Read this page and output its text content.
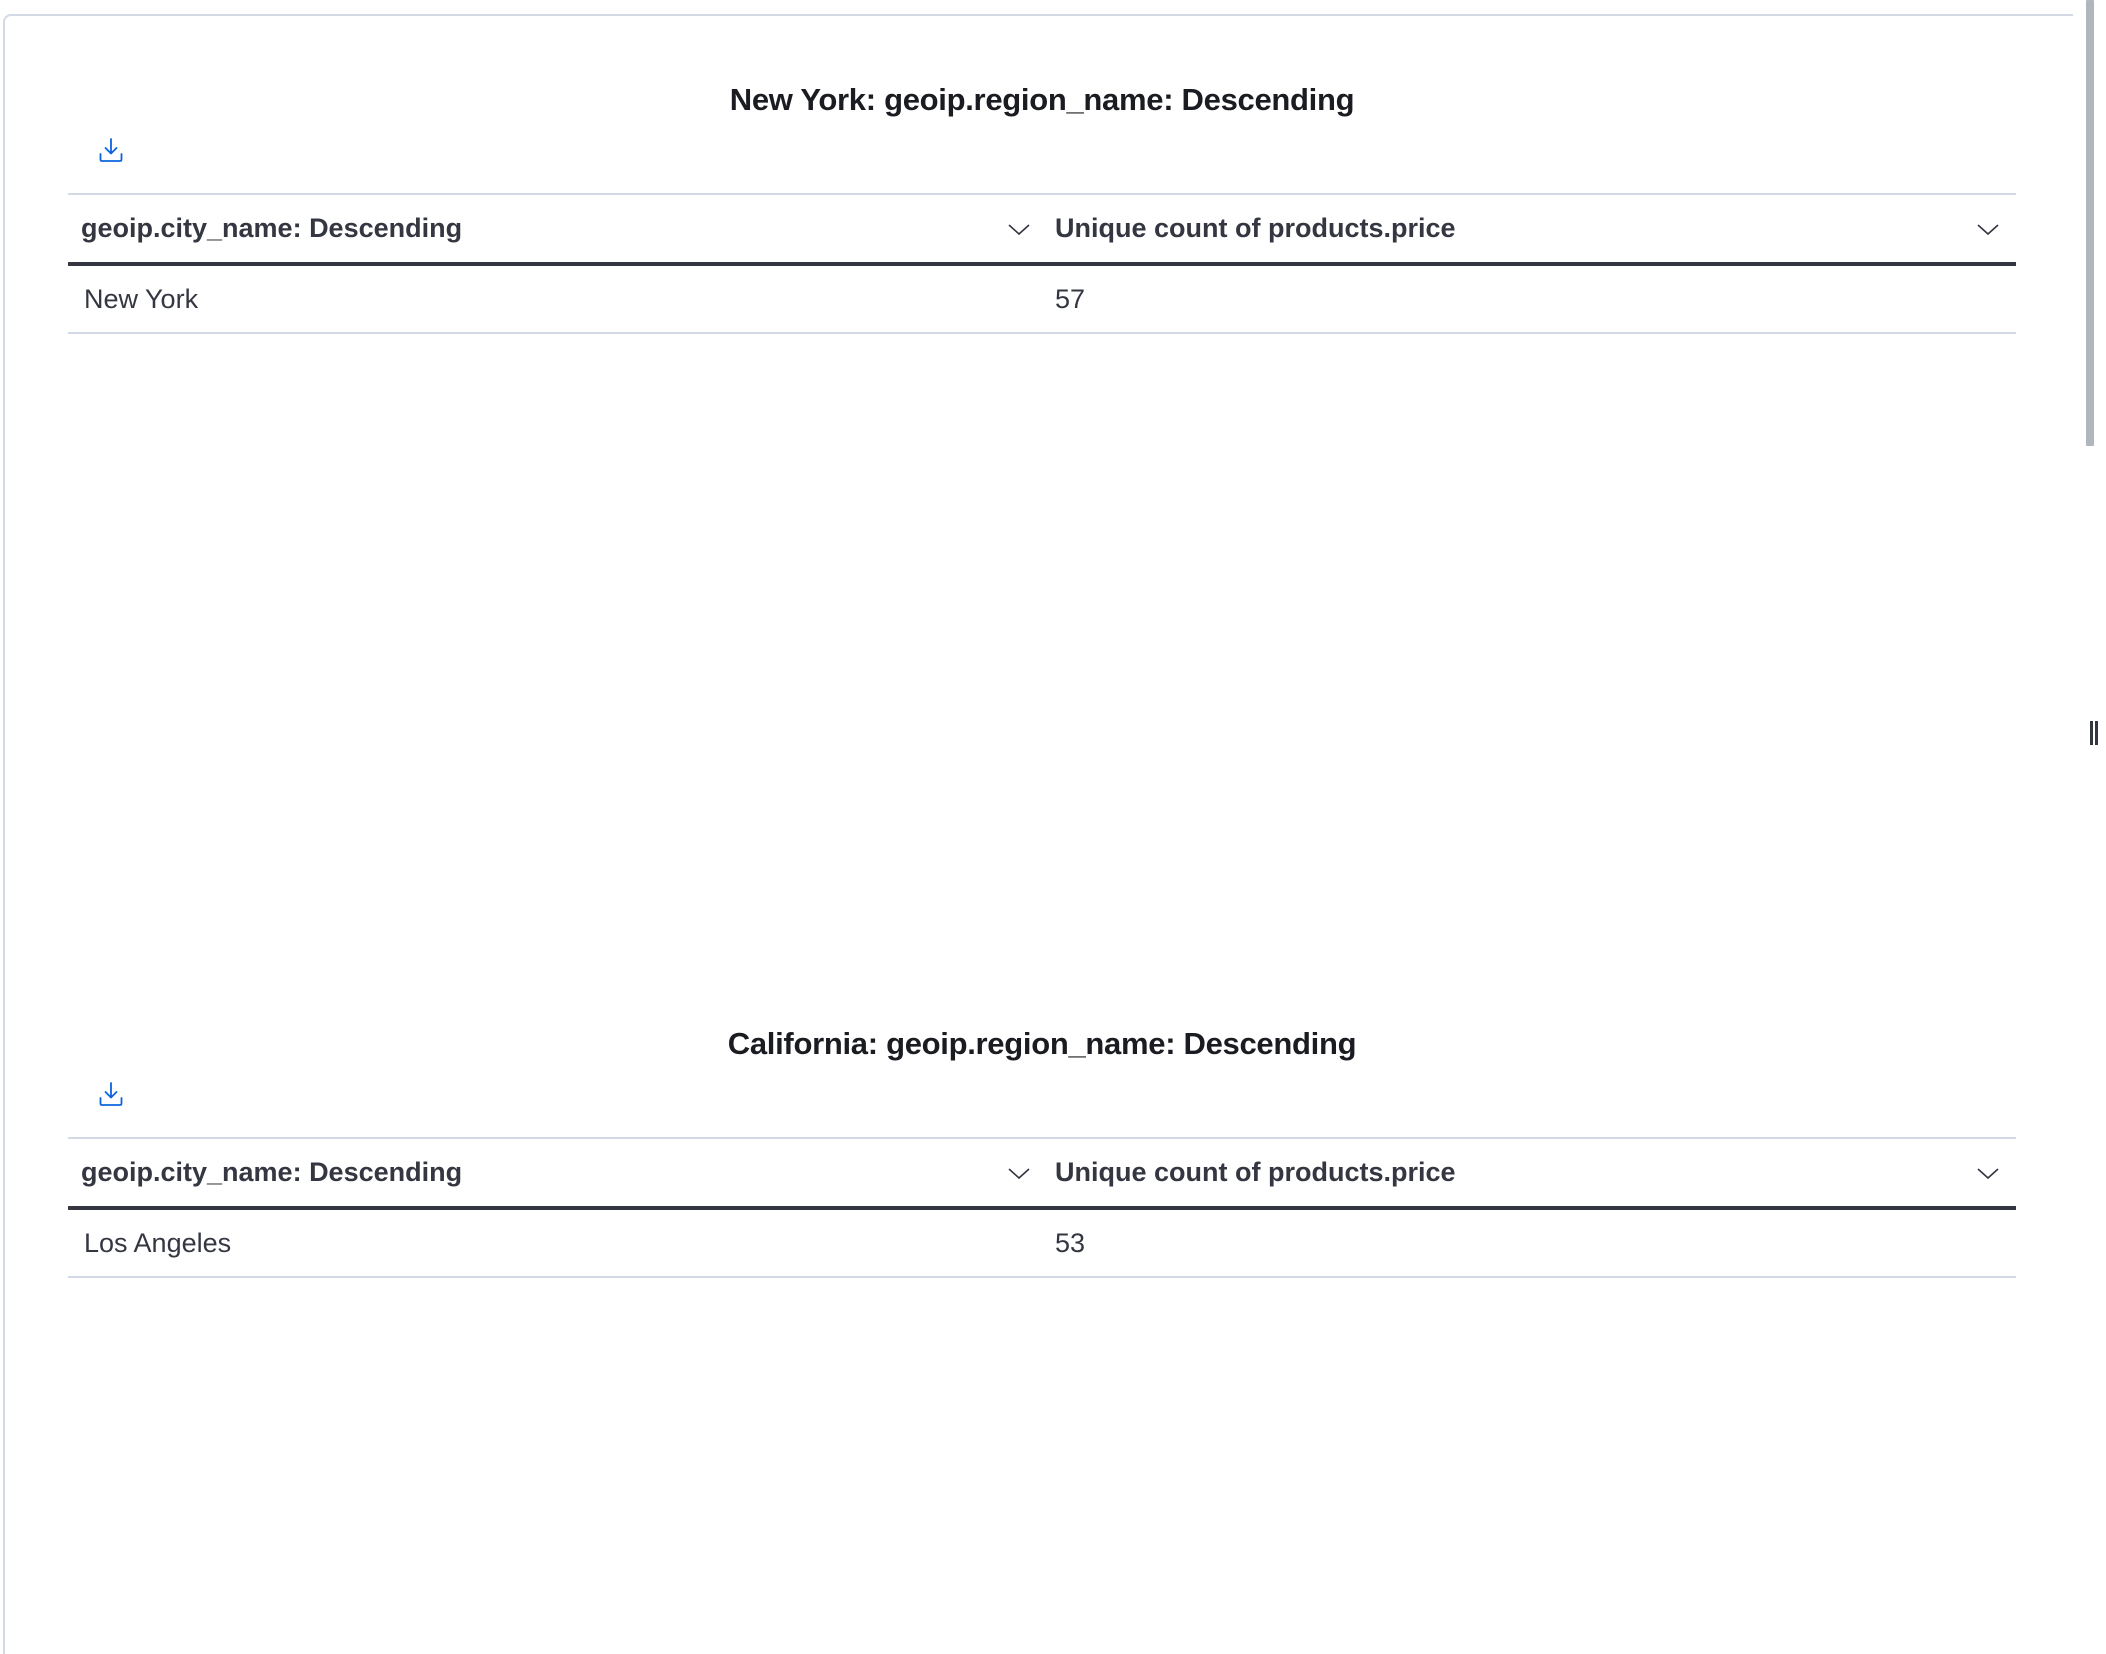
New York: geoip.region_name: Descending
geoip.city_name: Descending	Unique count of products.price
New York	57
California: geoip.region_name: Descending
geoip.city_name: Descending	Unique count of products.price
Los Angeles	53
